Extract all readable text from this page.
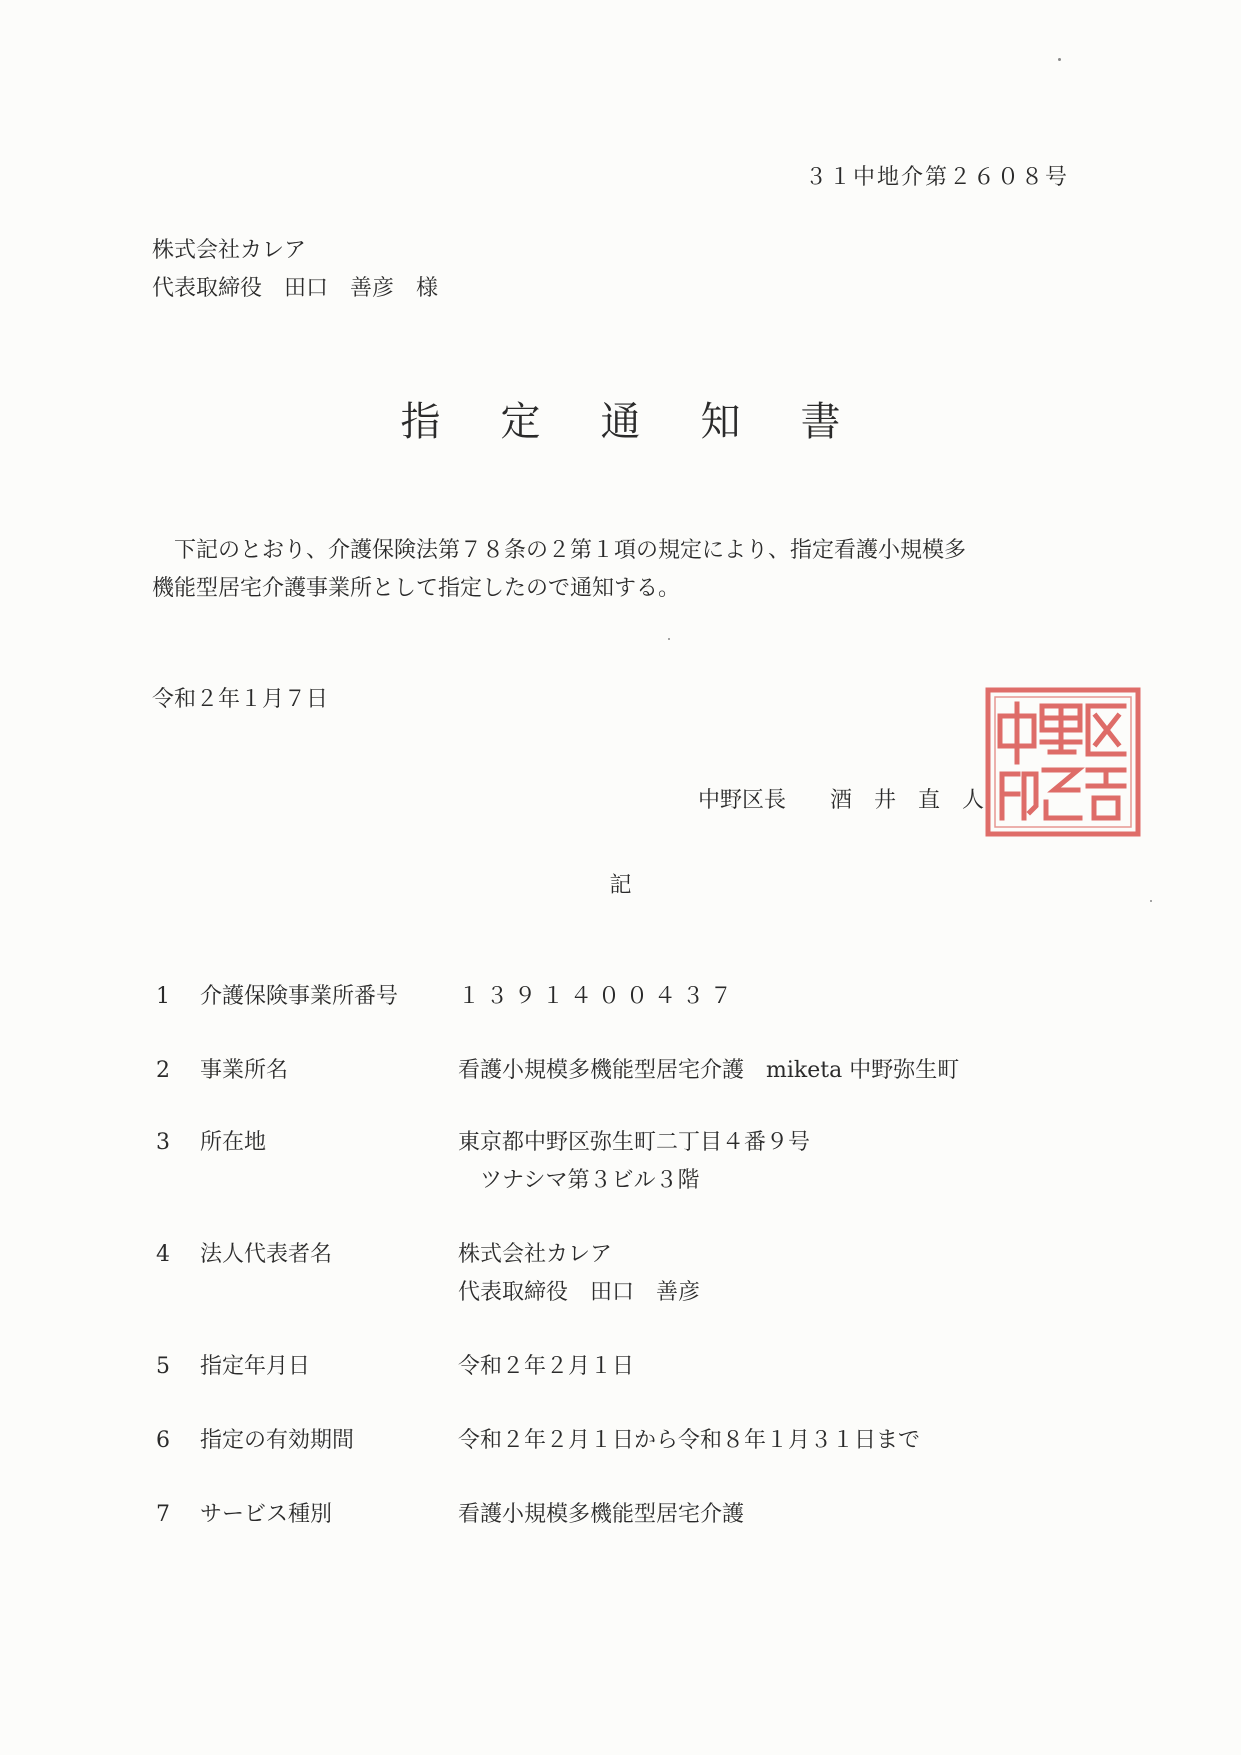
３１中地介第２６０８号
株式会社カレア
代表取締役　田口　善彦　様
指定通知書
下記のとおり、介護保険法第７８条の２第１項の規定により、指定看護小規模多
機能型居宅介護事業所として指定したので通知する。
令和２年１月７日

中野区長　　 酒　井　直　人

記
1 介護保険事業所番号	１３９１４００４３７
2 事業所名	看護小規模多機能型居宅介護　miketa 中野弥生町
3 所在地	東京都中野区弥生町二丁目４番９号
　ツナシマ第３ビル３階
4 法人代表者名	株式会社カレア
代表取締役　田口　善彦
5 指定年月日	令和２年２月１日
6 指定の有効期間	令和２年２月１日から令和８年１月３１日まで
7 サービス種別	看護小規模多機能型居宅介護
